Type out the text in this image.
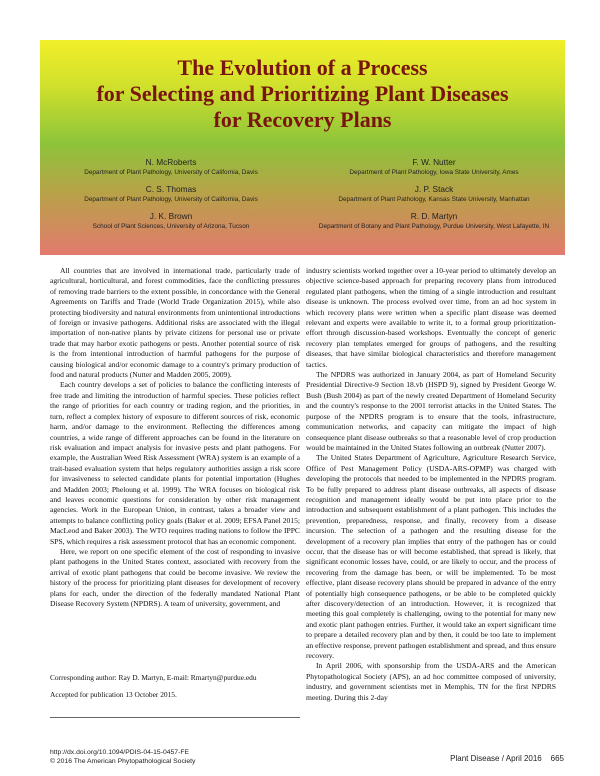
The Evolution of a Process
for Selecting and Prioritizing Plant Diseases
for Recovery Plans
N. McRoberts
Department of Plant Pathology, University of California, Davis
F. W. Nutter
Department of Plant Pathology, Iowa State University, Ames
C. S. Thomas
Department of Plant Pathology, University of California, Davis
J. P. Stack
Department of Plant Pathology, Kansas State University, Manhattan
J. K. Brown
School of Plant Sciences, University of Arizona, Tucson
R. D. Martyn
Department of Botany and Plant Pathology, Purdue University, West Lafayette, IN

All countries that are involved in international trade, particularly trade of agricultural, horticultural, and forest commodities, face the conflicting pressures of removing trade barriers to the extent possible, in concordance with the General Agreements on Tariffs and Trade (World Trade Organization 2015), while also protecting biodiversity and natural environments from unintentional introductions of foreign or invasive pathogens. Additional risks are associated with the illegal importation of non-native plants by private citizens for personal use or private trade that may harbor exotic pathogens or pests. Another potential source of risk is the from intentional introduction of harmful pathogens for the purpose of causing biological and/or economic damage to a country's primary production of food and natural products (Nutter and Madden 2005, 2009).

Each country develops a set of policies to balance the conflicting interests of free trade and limiting the introduction of harmful species. These policies reflect the range of priorities for each country or trading region, and the priorities, in turn, reflect a complex history of exposure to different sources of risk, economic harm, and/or damage to the environment. Reflecting the differences among countries, a wide range of different approaches can be found in the literature on risk evaluation and impact analysis for invasive pests and plant pathogens. For example, the Australian Weed Risk Assessment (WRA) system is an example of a trait-based evaluation system that helps regulatory authorities assign a risk score for invasiveness to selected candidate plants for potential importation (Hughes and Madden 2003; Pheloung et al. 1999). The WRA focuses on biological risk and leaves economic questions for consideration by other risk management agencies. Work in the European Union, in contrast, takes a broader view and attempts to balance conflicting policy goals (Baker et al. 2009; EFSA Panel 2015; MacLeod and Baker 2003). The WTO requires trading nations to follow the IPPC SPS, which requires a risk assessment protocol that has an economic component.

Here, we report on one specific element of the cost of responding to invasive plant pathogens in the United States context, associated with recovery from the arrival of exotic plant pathogens that could be become invasive. We review the history of the process for prioritizing plant diseases for development of recovery plans for each, under the direction of the federally mandated National Plant Disease Recovery System (NPDRS). A team of university, government, and

Corresponding author: Ray D. Martyn, E-mail: Rmartyn@purdue.edu
Accepted for publication 13 October 2015.
http://dx.doi.org/10.1094/PDIS-04-15-0457-FE
© 2016 The American Phytopathological Society

industry scientists worked together over a 10-year period to ultimately develop an objective science-based approach for preparing recovery plans from introduced regulated plant pathogens, when the timing of a single introduction and resultant disease is unknown. The process evolved over time, from an ad hoc system in which recovery plans were written when a specific plant disease was deemed relevant and experts were available to write it, to a formal group prioritization-effort through discussion-based workshops. Eventually the concept of generic recovery plan templates emerged for groups of pathogens, and the resulting diseases, that have similar biological characteristics and therefore management tactics.

The NPDRS was authorized in January 2004, as part of Homeland Security Presidential Directive-9 Section 18.vb (HSPD 9), signed by President George W. Bush (Bush 2004) as part of the newly created Department of Homeland Security and the country's response to the 2001 terrorist attacks in the United States. The purpose of the NPDRS program is to ensure that the tools, infrastructure, communication networks, and capacity can mitigate the impact of high consequence plant disease outbreaks so that a reasonable level of crop production would be maintained in the United States following an outbreak (Nutter 2007).

The United States Department of Agriculture, Agriculture Research Service, Office of Pest Management Policy (USDA-ARS-OPMP) was charged with developing the protocols that needed to be implemented in the NPDRS program. To be fully prepared to address plant disease outbreaks, all aspects of disease recognition and management ideally would be put into place prior to the introduction and subsequent establishment of a plant pathogen. This includes the prevention, preparedness, response, and finally, recovery from a disease incursion. The selection of a pathogen and the resulting disease for the development of a recovery plan implies that entry of the pathogen has or could occur, that the disease has or will become established, that spread is likely, that significant economic losses have, could, or are likely to occur, and the process of recovering from the damage has been, or will be implemented. To be most effective, plant disease recovery plans should be prepared in advance of the entry of potentially high consequence pathogens, or be able to be completed quickly after discovery/detection of an introduction. However, it is recognized that meeting this goal completely is challenging, owing to the potential for many new and exotic plant pathogen entries. Further, it would take an expert significant time to prepare a detailed recovery plan and by then, it could be too late to implement an effective response, prevent pathogen establishment and spread, and thus ensure recovery.

In April 2006, with sponsorship from the USDA-ARS and the American Phytopathological Society (APS), an ad hoc committee composed of university, industry, and government scientists met in Memphis, TN for the first NPDRS meeting. During this 2-day

Plant Disease / April 2016 665
